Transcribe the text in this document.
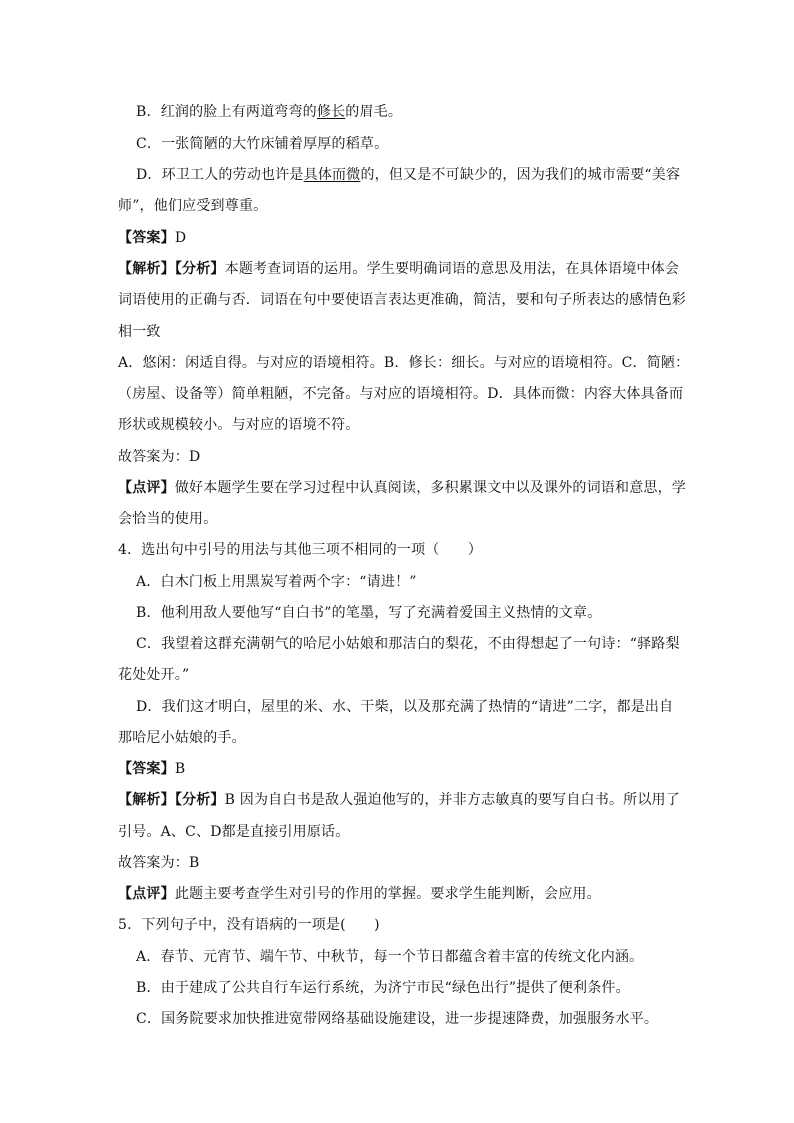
B．红润的脸上有两道弯弯的修长的眉毛。
C．一张简陋的大竹床铺着厚厚的稻草。
D．环卫工人的劳动也许是具体而微的，但又是不可缺少的，因为我们的城市需要“美容
师”，他们应受到尊重。
【答案】D
【解析】【分析】本题考查词语的运用。学生要明确词语的意思及用法，在具体语境中体会
词语使用的正确与否．词语在句中要使语言表达更准确，简洁，要和句子所表达的感情色彩
相一致
A．悠闲：闲适自得。与对应的语境相符。B．修长：细长。与对应的语境相符。C．简陋：
（房屋、设备等）简单粗陋，不完备。与对应的语境相符。D．具体而微：内容大体具备而
形状或规模较小。与对应的语境不符。
故答案为：D
【点评】做好本题学生要在学习过程中认真阅读，多积累课文中以及课外的词语和意思，学
会恰当的使用。
4．选出句中引号的用法与其他三项不相同的一项（　　）
A．白木门板上用黑炭写着两个字：“请进！”
B．他利用敌人要他写“自白书”的笔墨，写了充满着爱国主义热情的文章。
C．我望着这群充满朝气的哈尼小姑娘和那洁白的梨花，不由得想起了一句诗：“驿路梨
花处处开。”
D．我们这才明白，屋里的米、水、干柴，以及那充满了热情的“请进”二字，都是出自
那哈尼小姑娘的手。
【答案】B
【解析】【分析】B 因为自白书是敌人强迫他写的，并非方志敏真的要写自白书。所以用了
引号。A、C、D都是直接引用原话。
故答案为：B
【点评】此题主要考查学生对引号的作用的掌握。要求学生能判断，会应用。
5．下列句子中，没有语病的一项是(　　)
A．春节、元宵节、端午节、中秋节，每一个节日都蕴含着丰富的传统文化内涵。
B．由于建成了公共自行车运行系统，为济宁市民“绿色出行”提供了便利条件。
C．国务院要求加快推进宽带网络基础设施建设，进一步提速降费，加强服务水平。
